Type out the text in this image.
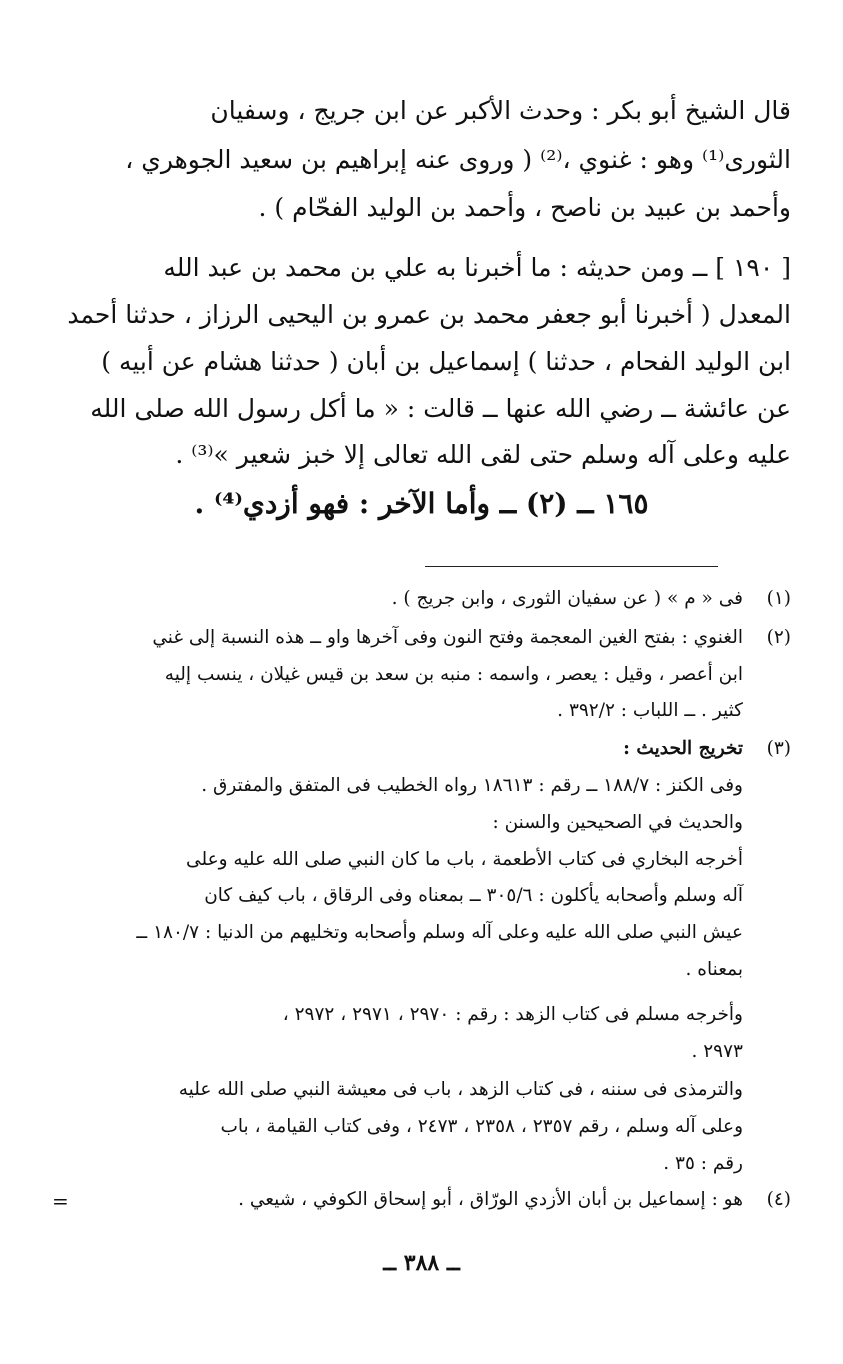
قال الشيخ أبو بكر : وحدث الأكبر عن ابن جريج ، وسفيان
الثورى⁽¹⁾ وهو : غنوي ،⁽²⁾ ( وروى عنه إبراهيم بن سعيد الجوهري ،
وأحمد بن عبيد بن ناصح ، وأحمد بن الوليد الفحّام ) .
[ ١٩٠ ] ــ ومن حديثه : ما أخبرنا به علي بن محمد بن عبد الله
المعدل ( أخبرنا أبو جعفر محمد بن عمرو بن اليحيى الرزاز ، حدثنا أحمد
ابن الوليد الفحام ، حدثنا ) إسماعيل بن أبان ( حدثنا هشام عن أبيه )
عن عائشة ــ رضي الله عنها ــ قالت : « ما أكل رسول الله صلى الله
عليه وعلى آله وسلم حتى لقى الله تعالى إلا خبز شعير »⁽³⁾ .
١٦٥ ــ (٢) ــ وأما الآخر : فهو أزدي⁽⁴⁾ .
(١)
فى « م » ( عن سفيان الثورى ، وابن جريج ) .
(٢)
الغنوي : بفتح الغين المعجمة وفتح النون وفى آخرها واو ــ هذه النسبة إلى غني
ابن أعصر ، وقيل : يعصر ، واسمه : منبه بن سعد بن قيس غيلان ، ينسب إليه
كثير . ــ اللباب : ٣٩٢/٢ .
(٣)
تخريج الحديث :
وفى الكنز : ١٨٨/٧ ــ رقم : ١٨٦١٣ رواه الخطيب فى المتفق والمفترق .
والحديث في الصحيحين والسنن :
أخرجه البخاري فى كتاب الأطعمة ، باب ما كان النبي صلى الله عليه وعلى
آله وسلم وأصحابه يأكلون : ٣٠٥/٦ ــ بمعناه وفى الرقاق ، باب كيف كان
عيش النبي صلى الله عليه وعلى آله وسلم وأصحابه وتخليهم من الدنيا : ١٨٠/٧ ــ
بمعناه .
وأخرجه مسلم فى كتاب الزهد : رقم : ٢٩٧٠ ، ٢٩٧١ ، ٢٩٧٢ ،
٢٩٧٣ .
والترمذى فى سننه ، فى كتاب الزهد ، باب فى معيشة النبي صلى الله عليه
وعلى آله وسلم ، رقم ٢٣٥٧ ، ٢٣٥٨ ، ٢٤٧٣ ، وفى كتاب القيامة ، باب
رقم : ٣٥ .
(٤)
هو : إسماعيل بن أبان الأزدي الورّاق ، أبو إسحاق الكوفي ، شيعي .
=
ــ ٣٨٨ ــ
